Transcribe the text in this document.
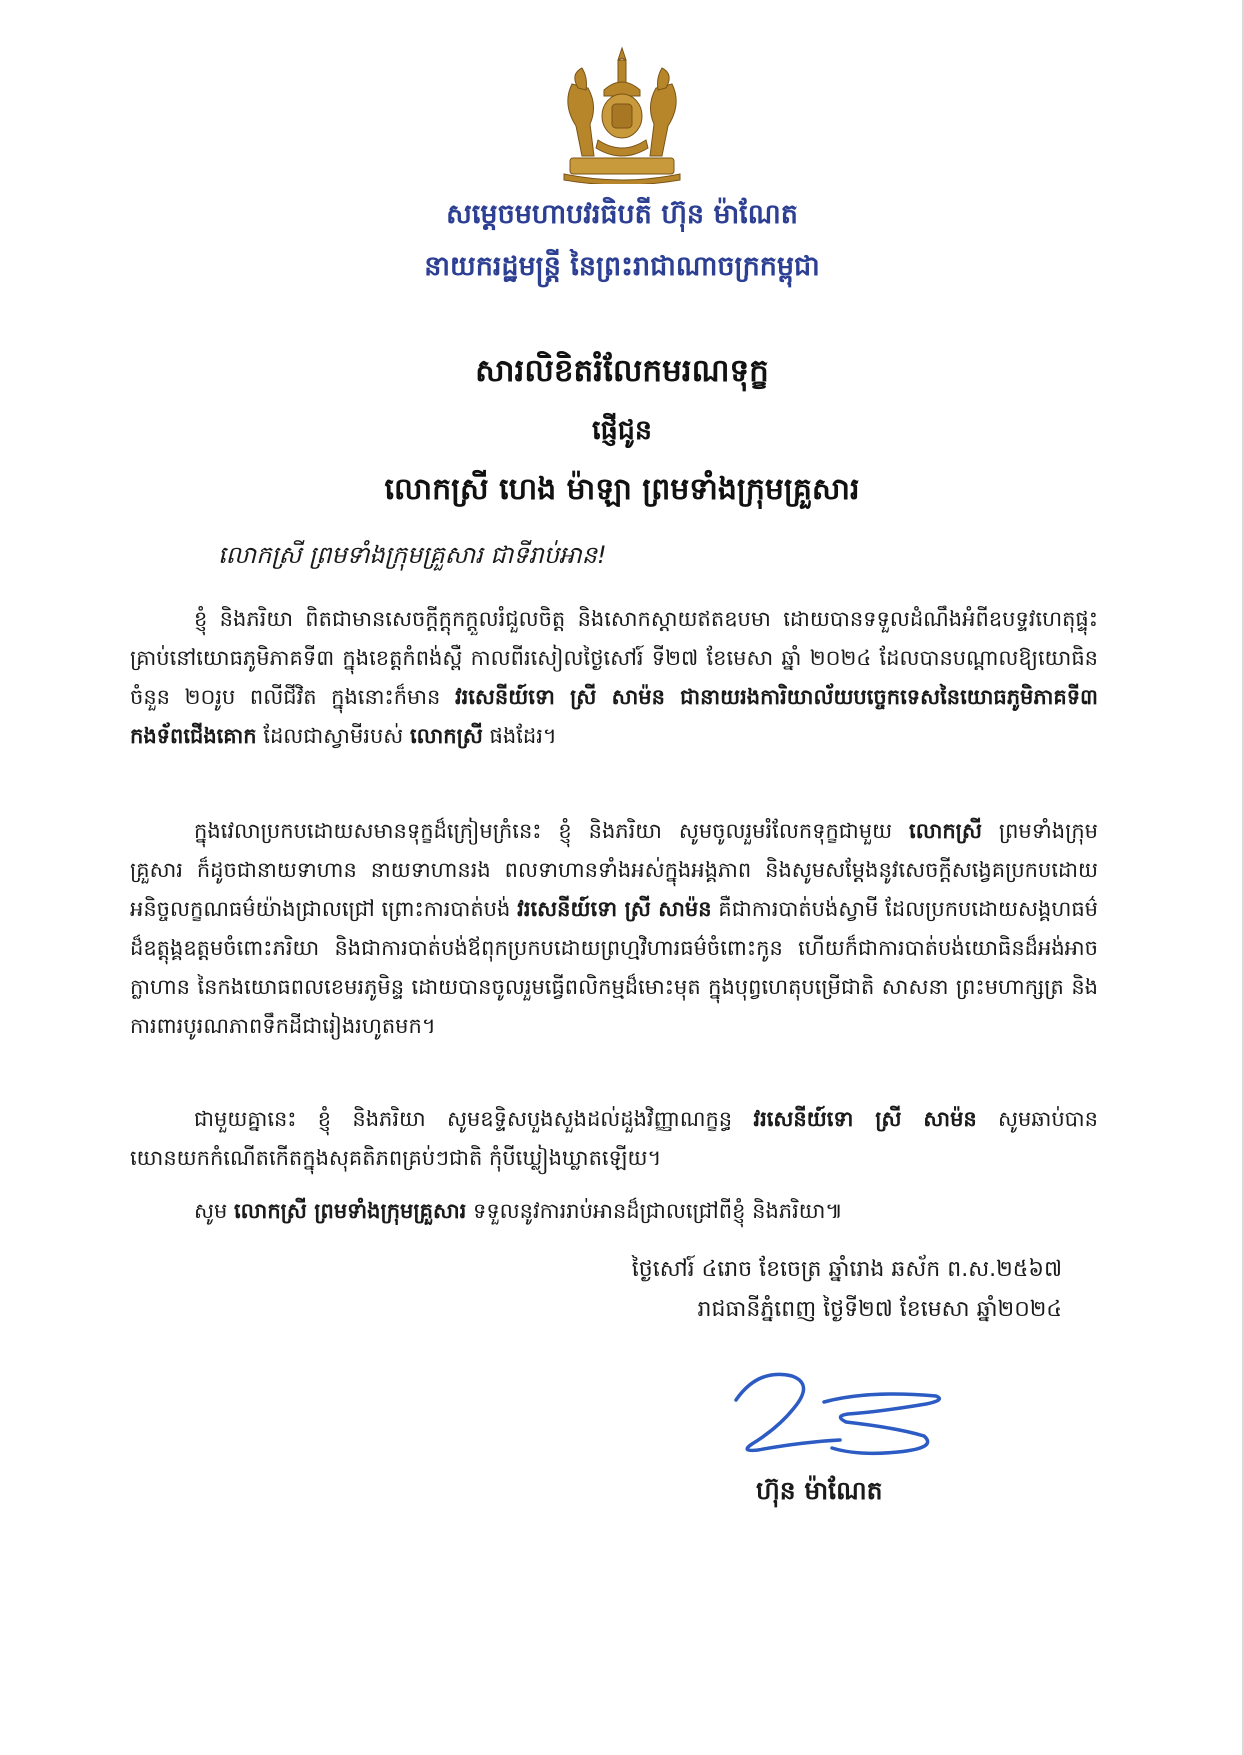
សម្ដេចមហាបវរធិបតី ហ៊ុន ម៉ាណែត
នាយករដ្ឋមន្ត្រី នៃព្រះរាជាណាចក្រកម្ពុជា
សារលិខិតរំលែកមរណទុក្ខ
ផ្ញើជូន
លោកស្រី ហេង ម៉ាឡា ព្រមទាំងក្រុមគ្រួសារ
លោកស្រី ព្រមទាំងក្រុមគ្រួសារ ជាទីរាប់អាន!

ខ្ញុំ និងភរិយា ពិតជាមានសេចក្ដីក្ដុកក្ដួលរំជួលចិត្ត និងសោកស្ដាយឥតឧបមា ដោយបានទទួលដំណឹងអំពីឧបទ្ទវហេតុផ្ទុះគ្រាប់នៅយោធភូមិភាគទី៣ ក្នុងខេត្តកំពង់ស្ពឺ កាលពីរសៀលថ្ងៃសៅរ៍ ទី២៧ ខែមេសា ឆ្នាំ ២០២៤ ដែលបានបណ្ដាលឱ្យយោធិន ចំនួន ២០រូប ពលីជីវិត ក្នុងនោះក៏មាន វរសេនីយ៍ទោ ស្រី សាម៉ន ជានាយរងការិយាល័យបច្ចេកទេសនៃយោធភូមិភាគទី៣ កងទ័ពជើងគោក ដែលជាស្វាមីរបស់ លោកស្រី ផងដែរ។

ក្នុងវេលាប្រកបដោយសមានទុក្ខដ៏ក្រៀមក្រំនេះ ខ្ញុំ និងភរិយា សូមចូលរួមរំលែកទុក្ខជាមួយ លោកស្រី ព្រមទាំងក្រុមគ្រួសារ ក៏ដូចជានាយទាហាន នាយទាហានរង ពលទាហានទាំងអស់ក្នុងអង្គភាព និងសូមសម្ដែងនូវសេចក្ដីសង្វេគប្រកបដោយអនិច្ចលក្ខណធម៌យ៉ាងជ្រាលជ្រៅ ព្រោះការបាត់បង់ វរសេនីយ៍ទោ ស្រី សាម៉ន គឺជាការបាត់បង់ស្វាមី ដែលប្រកបដោយសង្គហធម៌ដ៏ឧត្ដុង្គឧត្ដមចំពោះភរិយា និងជាការបាត់បង់ឪពុកប្រកបដោយព្រហ្មវិហារធម៌ចំពោះកូន ហើយក៏ជាការបាត់បង់យោធិនដ៏អង់អាចក្លាហាន នៃកងយោធពលខេមរភូមិន្ទ ដោយបានចូលរួមធ្វើពលិកម្មដ៏មោះមុត ក្នុងបុព្វហេតុបម្រើជាតិ សាសនា ព្រះមហាក្សត្រ និងការពារបូរណភាពទឹកដីជារៀងរហូតមក។

ជាមួយគ្នានេះ ខ្ញុំ និងភរិយា សូមឧទ្ទិសបួងសួងដល់ដួងវិញ្ញាណក្ខន្ធ វរសេនីយ៍ទោ ស្រី សាម៉ន សូមឆាប់បានយោនយកកំណើតកើតក្នុងសុគតិភពគ្រប់ៗជាតិ កុំបីឃ្លៀងឃ្លាតឡើយ។

សូម លោកស្រី ព្រមទាំងក្រុមគ្រួសារ ទទួលនូវការរាប់អានដ៏ជ្រាលជ្រៅពីខ្ញុំ និងភរិយា៕

ថ្ងៃសៅរ៍ ៤រោច ខែចេត្រ ឆ្នាំរោង ឆស័ក ព.ស.២៥៦៧
រាជធានីភ្នំពេញ ថ្ងៃទី២៧ ខែមេសា ឆ្នាំ២០២៤
ហ៊ុន ម៉ាណែត
